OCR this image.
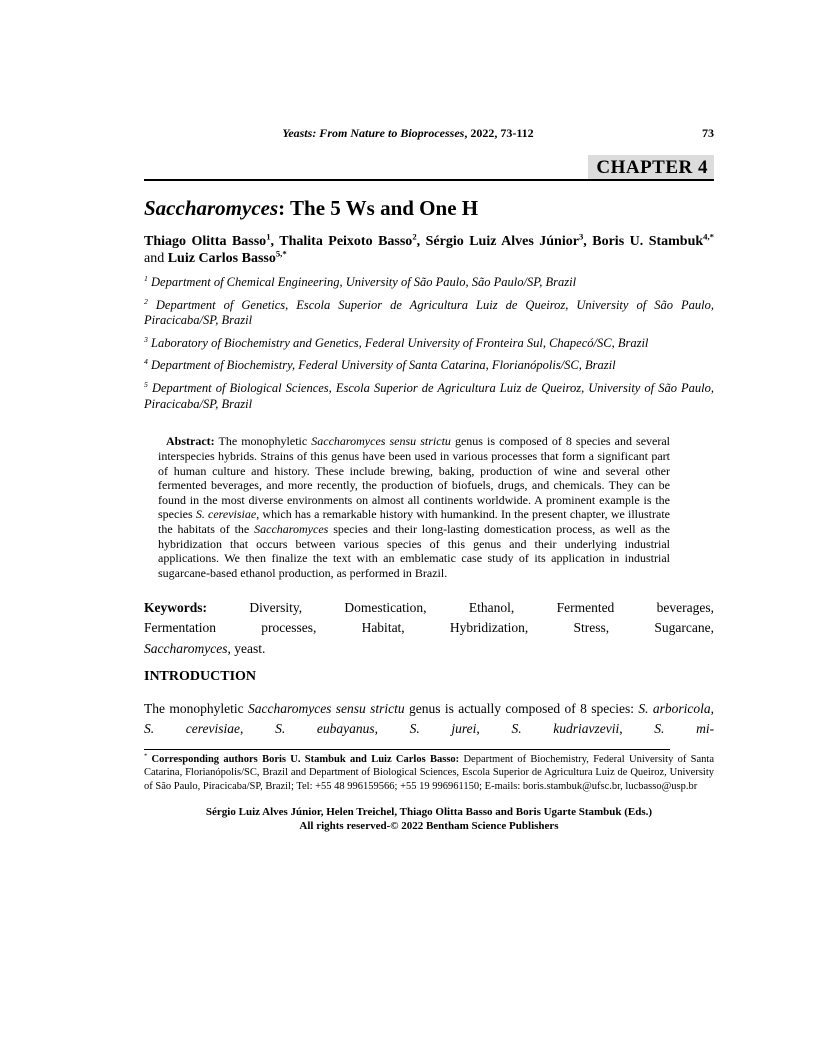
Yeasts: From Nature to Bioprocesses, 2022, 73-112	73
CHAPTER 4
Saccharomyces: The 5 Ws and One H

Thiago Olitta Basso$^1$, Thalita Peixoto Basso$^2$, Sérgio Luiz Alves Júnior$^3$, Boris U. Stambuk$^{4,*}$ and Luiz Carlos Basso$^{5,*}$

$^1$ Department of Chemical Engineering, University of São Paulo, São Paulo/SP, Brazil

$^2$ Department of Genetics, Escola Superior de Agricultura Luiz de Queiroz, University of São Paulo, Piracicaba/SP, Brazil

$^3$ Laboratory of Biochemistry and Genetics, Federal University of Fronteira Sul, Chapecó/SC, Brazil

$^4$ Department of Biochemistry, Federal University of Santa Catarina, Florianópolis/SC, Brazil

$^5$ Department of Biological Sciences, Escola Superior de Agricultura Luiz de Queiroz, University of São Paulo, Piracicaba/SP, Brazil

Abstract: The monophyletic Saccharomyces sensu strictu genus is composed of 8 species and several interspecies hybrids. Strains of this genus have been used in various processes that form a significant part of human culture and history. These include brewing, baking, production of wine and several other fermented beverages, and more recently, the production of biofuels, drugs, and chemicals. They can be found in the most diverse environments on almost all continents worldwide. A prominent example is the species S. cerevisiae, which has a remarkable history with humankind. In the present chapter, we illustrate the habitats of the Saccharomyces species and their long-lasting domestication process, as well as the hybridization that occurs between various species of this genus and their underlying industrial applications. We then finalize the text with an emblematic case study of its application in industrial sugarcane-based ethanol production, as performed in Brazil.

Keywords: Diversity, Domestication, Ethanol, Fermented beverages,
Fermentation processes, Habitat, Hybridization, Stress, Sugarcane,
Saccharomyces, yeast.
INTRODUCTION

The monophyletic Saccharomyces sensu strictu genus is actually composed of 8 species: S. arboricola, S. cerevisiae, S. eubayanus, S. jurei, S. kudriavzevii, S. mi-

* Corresponding authors Boris U. Stambuk and Luiz Carlos Basso: Department of Biochemistry, Federal University of Santa Catarina, Florianópolis/SC, Brazil and Department of Biological Sciences, Escola Superior de Agricultura Luiz de Queiroz, University of São Paulo, Piracicaba/SP, Brazil; Tel: +55 48 996159566; +55 19 996961150; E-mails: boris.stambuk@ufsc.br, lucbasso@usp.br

Sérgio Luiz Alves Júnior, Helen Treichel, Thiago Olitta Basso and Boris Ugarte Stambuk (Eds.)
All rights reserved-© 2022 Bentham Science Publishers
